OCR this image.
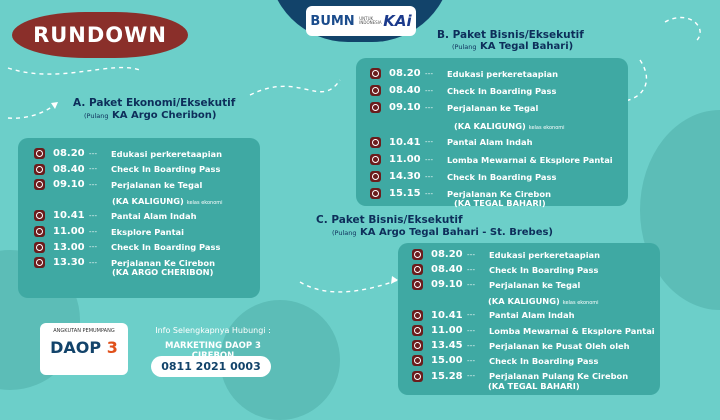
RUNDOWN
BUMN UNTUK INDONESIA KAi
A. Paket Ekonomi/Eksekutif
(Pulang KA Argo Cheribon)
08.20 - - -	Edukasi perkeretaapian
08.40 - - -	Check In Boarding Pass
09.10 - - -	Perjalanan ke Tegal
(KA KALIGUNG) kelas ekonomi
10.41 - - -	Pantai Alam Indah
11.00 - - -	Eksplore Pantai
13.00 - - -	Check In Boarding Pass
13.30 - - -	Perjalanan Ke Cirebon
(KA ARGO CHERIBON)
B. Paket Bisnis/Eksekutif
(Pulang KA Tegal Bahari)
08.20 - - -	Edukasi perkeretaapian
08.40 - - -	Check In Boarding Pass
09.10 - - -	Perjalanan ke Tegal
(KA KALIGUNG) kelas ekonomi
10.41 - - -	Pantai Alam Indah
11.00 - - -	Lomba Mewarnai & Eksplore Pantai
14.30 - - -	Check In Boarding Pass
15.15 - - -	Perjalanan Ke Cirebon
(KA TEGAL BAHARI)
C. Paket Bisnis/Eksekutif
(Pulang KA Argo Tegal Bahari - St. Brebes)
08.20 - - -	Edukasi perkeretaapian
08.40 - - -	Check In Boarding Pass
09.10 - - -	Perjalanan ke Tegal
(KA KALIGUNG) kelas ekonomi
10.41 - - -	Pantai Alam Indah
11.00 - - -	Lomba Mewarnai & Eksplore Pantai
13.45 - - -	Perjalanan ke Pusat Oleh oleh
15.00 - - -	Check In Boarding Pass
15.28 - - -	Perjalanan Pulang Ke Cirebon
(KA TEGAL BAHARI)
ANGKUTAN PEMUMPANG
DAOP 3
Info Selengkapnya Hubungi :
MARKETING DAOP 3
0811 2021 0003
